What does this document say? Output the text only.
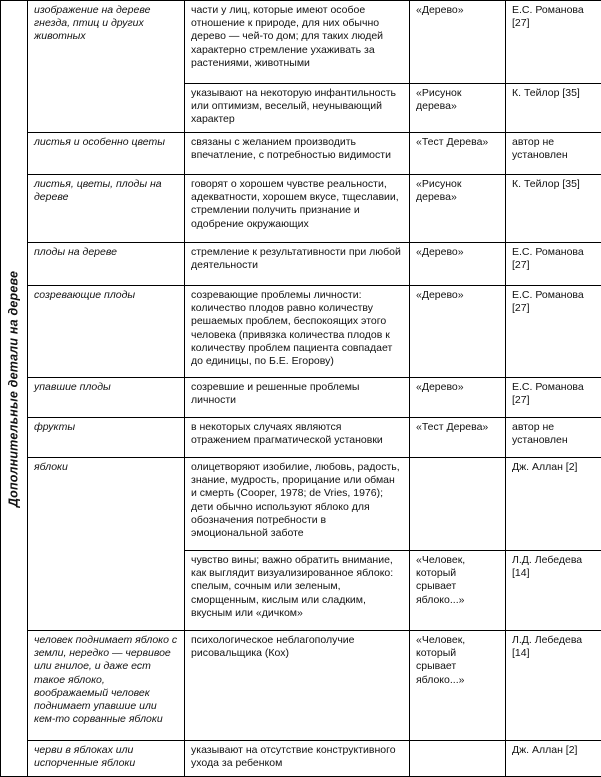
Дополнительные детали на дереве	изображение на дереве гнезда, птиц и других животных	части у лиц, которые имеют особое отношение к природе, для них обычно дерево — чей-то дом; для таких людей характерно стремление ухаживать за растениями, животными	«Дерево»	Е.С. Романова [27]
		указывают на некоторую инфантильность или оптимизм, веселый, неунывающий характер	«Рисунок дерева»	К. Тейлор [35]
	листья и особенно цветы	связаны с желанием производить впечатление, с потребностью видимости	«Тест Дерева»	автор не установлен
	листья, цветы, плоды на дереве	говорят о хорошем чувстве реальности, адекватности, хорошем вкусе, тщеславии, стремлении получить признание и одобрение окружающих	«Рисунок дерева»	К. Тейлор [35]
	плоды на дереве	стремление к результативности при любой деятельности	«Дерево»	Е.С. Романова [27]
	созревающие плоды	созревающие проблемы личности: количество плодов равно количеству решаемых проблем, беспокоящих этого человека (привязка количества плодов к количеству проблем пациента совпадает до единицы, по Б.Е. Егорову)	«Дерево»	Е.С. Романова [27]
	упавшие плоды	созревшие и решенные проблемы личности	«Дерево»	Е.С. Романова [27]
	фрукты	в некоторых случаях являются отражением прагматической установки	«Тест Дерева»	автор не установлен
	яблоки	олицетворяют изобилие, любовь, радость, знание, мудрость, прорицание или обман и смерть (Cooper, 1978; de Vries, 1976); дети обычно используют яблоко для обозначения потребности в эмоциональной заботе		Дж. Аллан [2]
		чувство вины; важно обратить внимание, как выглядит визуализированное яблоко: спелым, сочным или зеленым, сморщенным, кислым или сладким, вкусным или «дичком»	«Человек, который срывает яблоко...»	Л.Д. Лебедева [14]
	человек поднимает яблоко с земли, нередко — червивое или гнилое, и даже ест такое яблоко, воображаемый человек поднимает упавшие или кем-то сорванные яблоки	психологическое неблагополучие рисовальщика (Кох)	«Человек, который срывает яблоко...»	Л.Д. Лебедева [14]
	черви в яблоках или испорченные яблоки	указывают на отсутствие конструктивного ухода за ребенком		Дж. Аллан [2]
